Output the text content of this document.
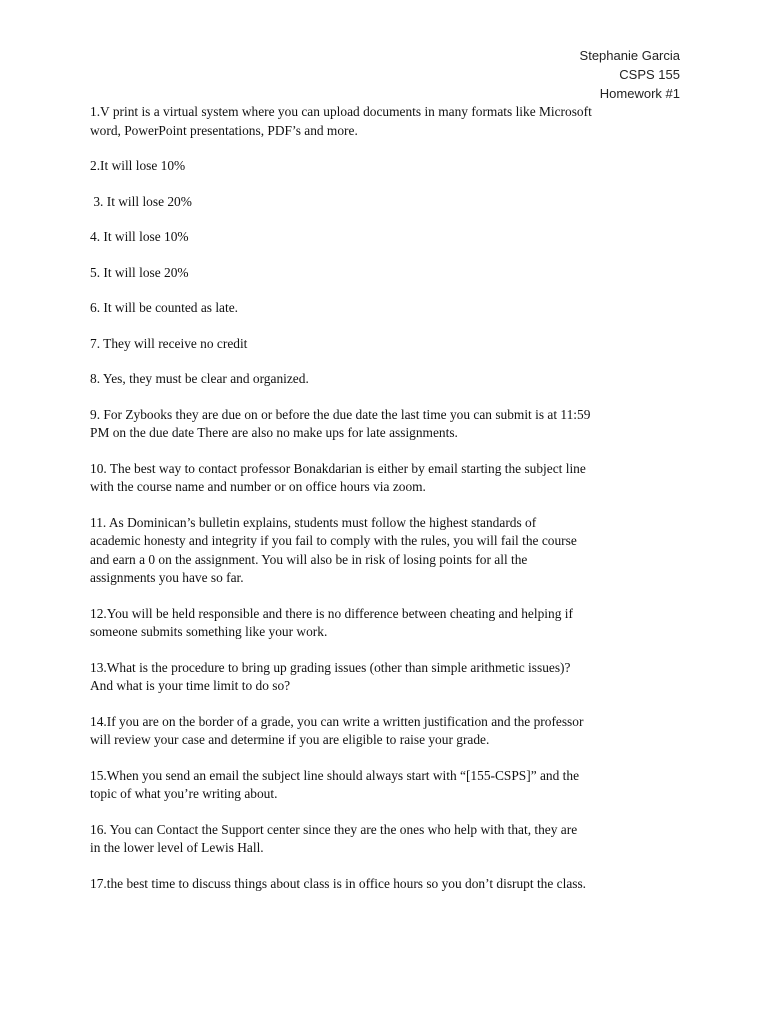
Stephanie Garcia
CSPS 155
Homework #1
1.V print is a virtual system where you can upload documents in many formats like Microsoft
word, PowerPoint presentations, PDF’s and more.
2.It will lose 10%
3. It will lose 20%
4. It will lose 10%
5. It will lose 20%
6. It will be counted as late.
7. They will receive no credit
8. Yes, they must be clear and organized.
9. For Zybooks they are due on or before the due date the last time you can submit is at 11:59
PM on the due date There are also no make ups for late assignments.
10. The best way to contact professor Bonakdarian is either by email starting the subject line
with the course name and number or on office hours via zoom.
11. As Dominican’s bulletin explains, students must follow the highest standards of
academic honesty and integrity if you fail to comply with the rules, you will fail the course
and earn a 0 on the assignment. You will also be in risk of losing points for all the
assignments you have so far.
12.You will be held responsible and there is no difference between cheating and helping if
someone submits something like your work.
13.What is the procedure to bring up grading issues (other than simple arithmetic issues)?
And what is your time limit to do so?
14.If you are on the border of a grade, you can write a written justification and the professor
will review your case and determine if you are eligible to raise your grade.
15.When you send an email the subject line should always start with “[155-CSPS]” and the
topic of what you’re writing about.
16. You can Contact the Support center since they are the ones who help with that, they are
in the lower level of Lewis Hall.
17.the best time to discuss things about class is in office hours so you don’t disrupt the class.
